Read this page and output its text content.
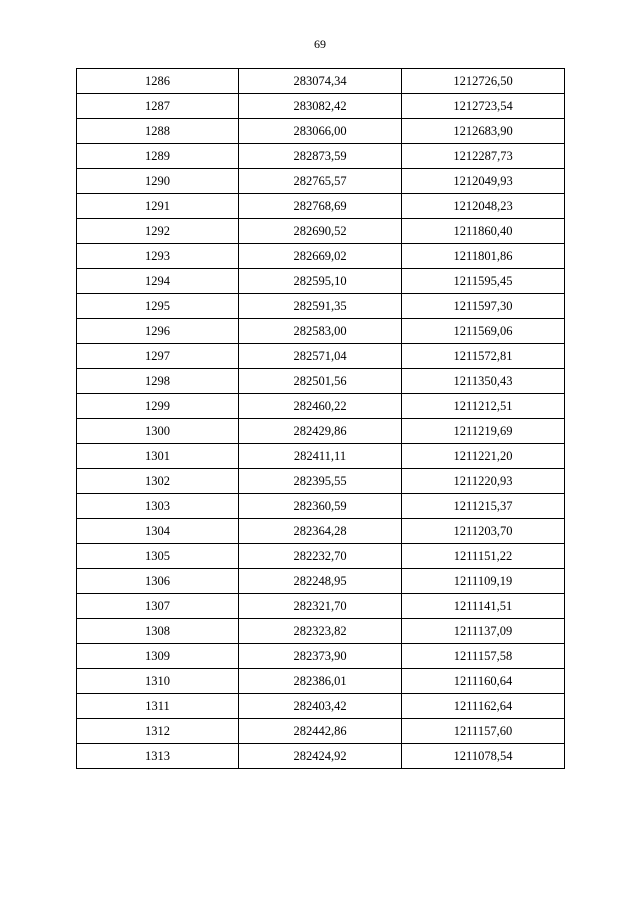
69
1286	283074,34	1212726,50
1287	283082,42	1212723,54
1288	283066,00	1212683,90
1289	282873,59	1212287,73
1290	282765,57	1212049,93
1291	282768,69	1212048,23
1292	282690,52	1211860,40
1293	282669,02	1211801,86
1294	282595,10	1211595,45
1295	282591,35	1211597,30
1296	282583,00	1211569,06
1297	282571,04	1211572,81
1298	282501,56	1211350,43
1299	282460,22	1211212,51
1300	282429,86	1211219,69
1301	282411,11	1211221,20
1302	282395,55	1211220,93
1303	282360,59	1211215,37
1304	282364,28	1211203,70
1305	282232,70	1211151,22
1306	282248,95	1211109,19
1307	282321,70	1211141,51
1308	282323,82	1211137,09
1309	282373,90	1211157,58
1310	282386,01	1211160,64
1311	282403,42	1211162,64
1312	282442,86	1211157,60
1313	282424,92	1211078,54
